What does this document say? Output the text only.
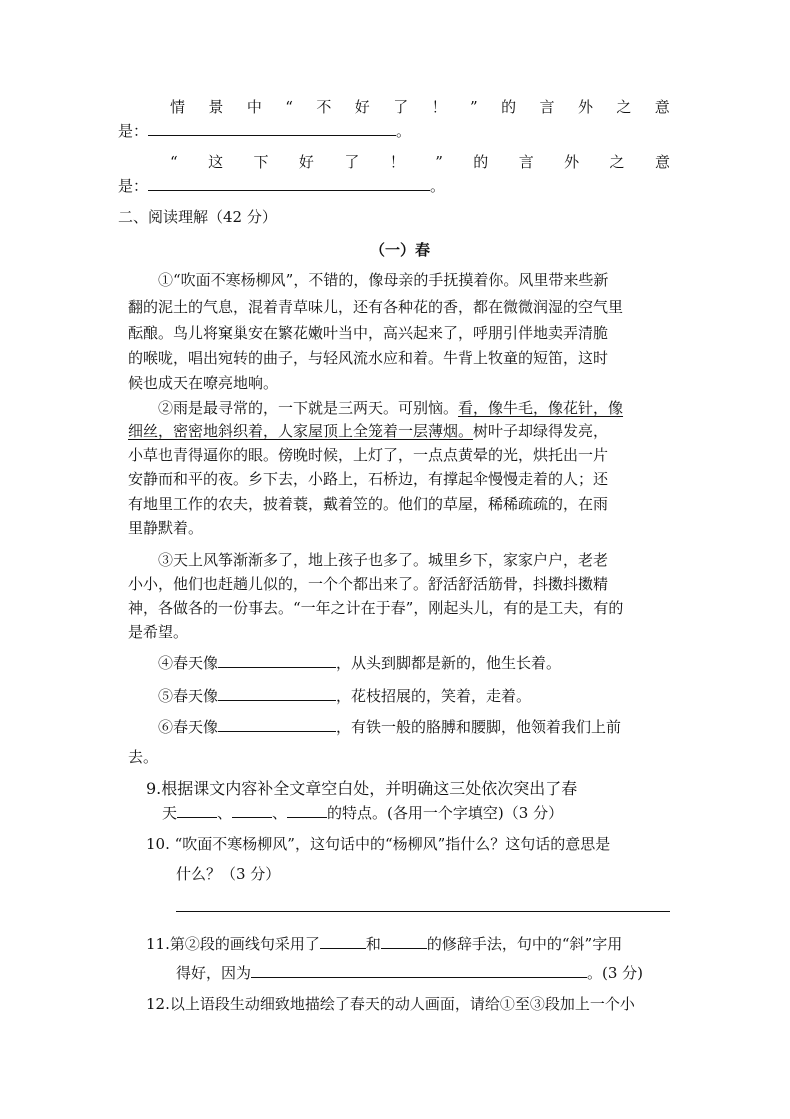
情 景 中 “ 不 好 了 ！ ” 的 言 外 之 意
是：	。
“ 这 下 好 了 ！ ” 的 言 外 之 意
是：	。
二、阅读理解（42 分）
（一）春
①“吹面不寒杨柳风”，不错的，像母亲的手抚摸着你。风里带来些新
翻的泥土的气息，混着青草味儿，还有各种花的香，都在微微润湿的空气里
酝酿。鸟儿将窠巢安在繁花嫩叶当中，高兴起来了，呼朋引伴地卖弄清脆
的喉咙，唱出宛转的曲子，与轻风流水应和着。牛背上牧童的短笛，这时
候也成天在嘹亮地响。
②雨是最寻常的，一下就是三两天。可别恼。看，像牛毛，像花针，像
细丝，密密地斜织着，人家屋顶上全笼着一层薄烟。树叶子却绿得发亮，
小草也青得逼你的眼。傍晚时候，上灯了，一点点黄晕的光，烘托出一片
安静而和平的夜。乡下去，小路上，石桥边，有撑起伞慢慢走着的人；还
有地里工作的农夫，披着蓑，戴着笠的。他们的草屋，稀稀疏疏的，在雨
里静默着。
③天上风筝渐渐多了，地上孩子也多了。城里乡下，家家户户，老老
小小，他们也赶趟儿似的，一个个都出来了。舒活舒活筋骨，抖擞抖擞精
神，各做各的一份事去。“一年之计在于春”，刚起头儿，有的是工夫，有的
是希望。
④春天像	，从头到脚都是新的，他生长着。
⑤春天像	，花枝招展的，笑着，走着。
⑥春天像	，有铁一般的胳膊和腰脚，他领着我们上前
去。
9.根据课文内容补全文章空白处，并明确这三处依次突出了春
天	、	、	的特点。(各用一个字填空)（3 分）
10. “吹面不寒杨柳风”，这句话中的“杨柳风”指什么？这句话的意思是
什么？（3 分）
11.第②段的画线句采用了	和	的修辞手法，句中的“斜”字用
得好，因为	。(3 分)
12.以上语段生动细致地描绘了春天的动人画面，请给①至③段加上一个小
